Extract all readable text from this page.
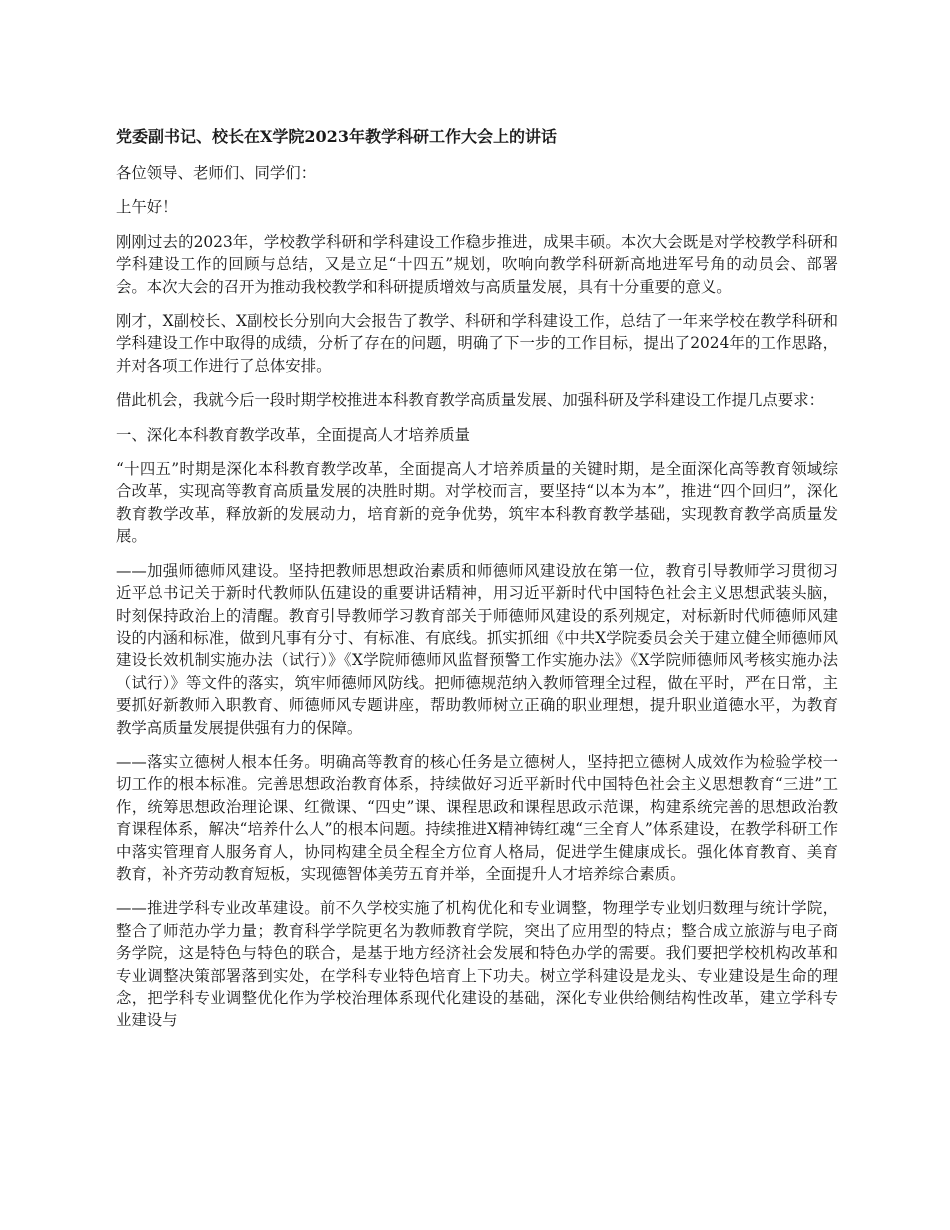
党委副书记、校长在X学院2023年教学科研工作大会上的讲话

各位领导、老师们、同学们：

上午好！

刚刚过去的2023年，学校教学科研和学科建设工作稳步推进，成果丰硕。本次大会既是对学校教学科研和学科建设工作的回顾与总结，又是立足“十四五”规划，吹响向教学科研新高地进军号角的动员会、部署会。本次大会的召开为推动我校教学和科研提质增效与高质量发展，具有十分重要的意义。

刚才，X副校长、X副校长分别向大会报告了教学、科研和学科建设工作，总结了一年来学校在教学科研和学科建设工作中取得的成绩，分析了存在的问题，明确了下一步的工作目标，提出了2024年的工作思路，并对各项工作进行了总体安排。

借此机会，我就今后一段时期学校推进本科教育教学高质量发展、加强科研及学科建设工作提几点要求：

一、深化本科教育教学改革，全面提高人才培养质量

“十四五”时期是深化本科教育教学改革，全面提高人才培养质量的关键时期，是全面深化高等教育领域综合改革，实现高等教育高质量发展的决胜时期。对学校而言，要坚持“以本为本”，推进“四个回归”，深化教育教学改革，释放新的发展动力，培育新的竞争优势，筑牢本科教育教学基础，实现教育教学高质量发展。

——加强师德师风建设。坚持把教师思想政治素质和师德师风建设放在第一位，教育引导教师学习贯彻习近平总书记关于新时代教师队伍建设的重要讲话精神，用习近平新时代中国特色社会主义思想武装头脑，时刻保持政治上的清醒。教育引导教师学习教育部关于师德师风建设的系列规定，对标新时代师德师风建设的内涵和标准，做到凡事有分寸、有标准、有底线。抓实抓细《中共X学院委员会关于建立健全师德师风建设长效机制实施办法（试行）》《X学院师德师风监督预警工作实施办法》《X学院师德师风考核实施办法（试行）》等文件的落实，筑牢师德师风防线。把师德规范纳入教师管理全过程，做在平时，严在日常，主要抓好新教师入职教育、师德师风专题讲座，帮助教师树立正确的职业理想，提升职业道德水平，为教育教学高质量发展提供强有力的保障。

——落实立德树人根本任务。明确高等教育的核心任务是立德树人，坚持把立德树人成效作为检验学校一切工作的根本标准。完善思想政治教育体系，持续做好习近平新时代中国特色社会主义思想教育“三进”工作，统筹思想政治理论课、红微课、“四史”课、课程思政和课程思政示范课，构建系统完善的思想政治教育课程体系，解决“培养什么人”的根本问题。持续推进X精神铸红魂“三全育人”体系建设，在教学科研工作中落实管理育人服务育人，协同构建全员全程全方位育人格局，促进学生健康成长。强化体育教育、美育教育，补齐劳动教育短板，实现德智体美劳五育并举，全面提升人才培养综合素质。

——推进学科专业改革建设。前不久学校实施了机构优化和专业调整，物理学专业划归数理与统计学院，整合了师范办学力量；教育科学学院更名为教师教育学院，突出了应用型的特点；整合成立旅游与电子商务学院，这是特色与特色的联合，是基于地方经济社会发展和特色办学的需要。我们要把学校机构改革和专业调整决策部署落到实处，在学科专业特色培育上下功夫。树立学科建设是龙头、专业建设是生命的理念，把学科专业调整优化作为学校治理体系现代化建设的基础，深化专业供给侧结构性改革，建立学科专业建设与
